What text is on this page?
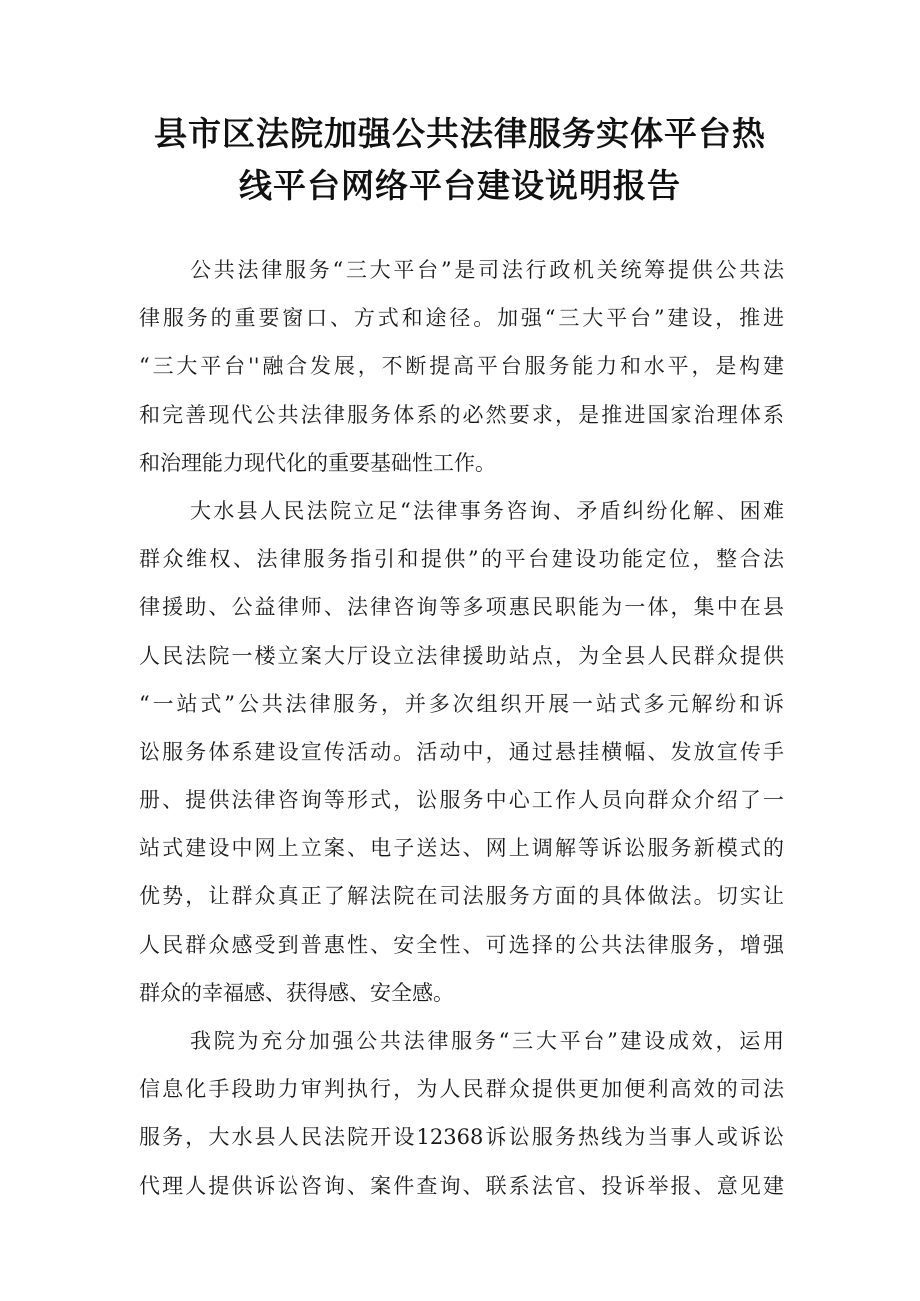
县市区法院加强公共法律服务实体平台热
线平台网络平台建设说明报告

公共法律服务“三大平台”是司法行政机关统筹提供公共法
律服务的重要窗口、方式和途径。加强“三大平台”建设，推进
“三大平台''融合发展，不断提高平台服务能力和水平，是构建
和完善现代公共法律服务体系的必然要求，是推进国家治理体系
和治理能力现代化的重要基础性工作。

大水县人民法院立足“法律事务咨询、矛盾纠纷化解、困难
群众维权、法律服务指引和提供”的平台建设功能定位，整合法
律援助、公益律师、法律咨询等多项惠民职能为一体，集中在县
人民法院一楼立案大厅设立法律援助站点，为全县人民群众提供
“一站式”公共法律服务，并多次组织开展一站式多元解纷和诉
讼服务体系建设宣传活动。活动中，通过悬挂横幅、发放宣传手
册、提供法律咨询等形式，讼服务中心工作人员向群众介绍了一
站式建设中网上立案、电子送达、网上调解等诉讼服务新模式的
优势，让群众真正了解法院在司法服务方面的具体做法。切实让
人民群众感受到普惠性、安全性、可选择的公共法律服务，增强
群众的幸福感、获得感、安全感。

我院为充分加强公共法律服务“三大平台”建设成效，运用
信息化手段助力审判执行，为人民群众提供更加便利高效的司法
服务，大水县人民法院开设12368诉讼服务热线为当事人或诉讼
代理人提供诉讼咨询、案件查询、联系法官、投诉举报、意见建
